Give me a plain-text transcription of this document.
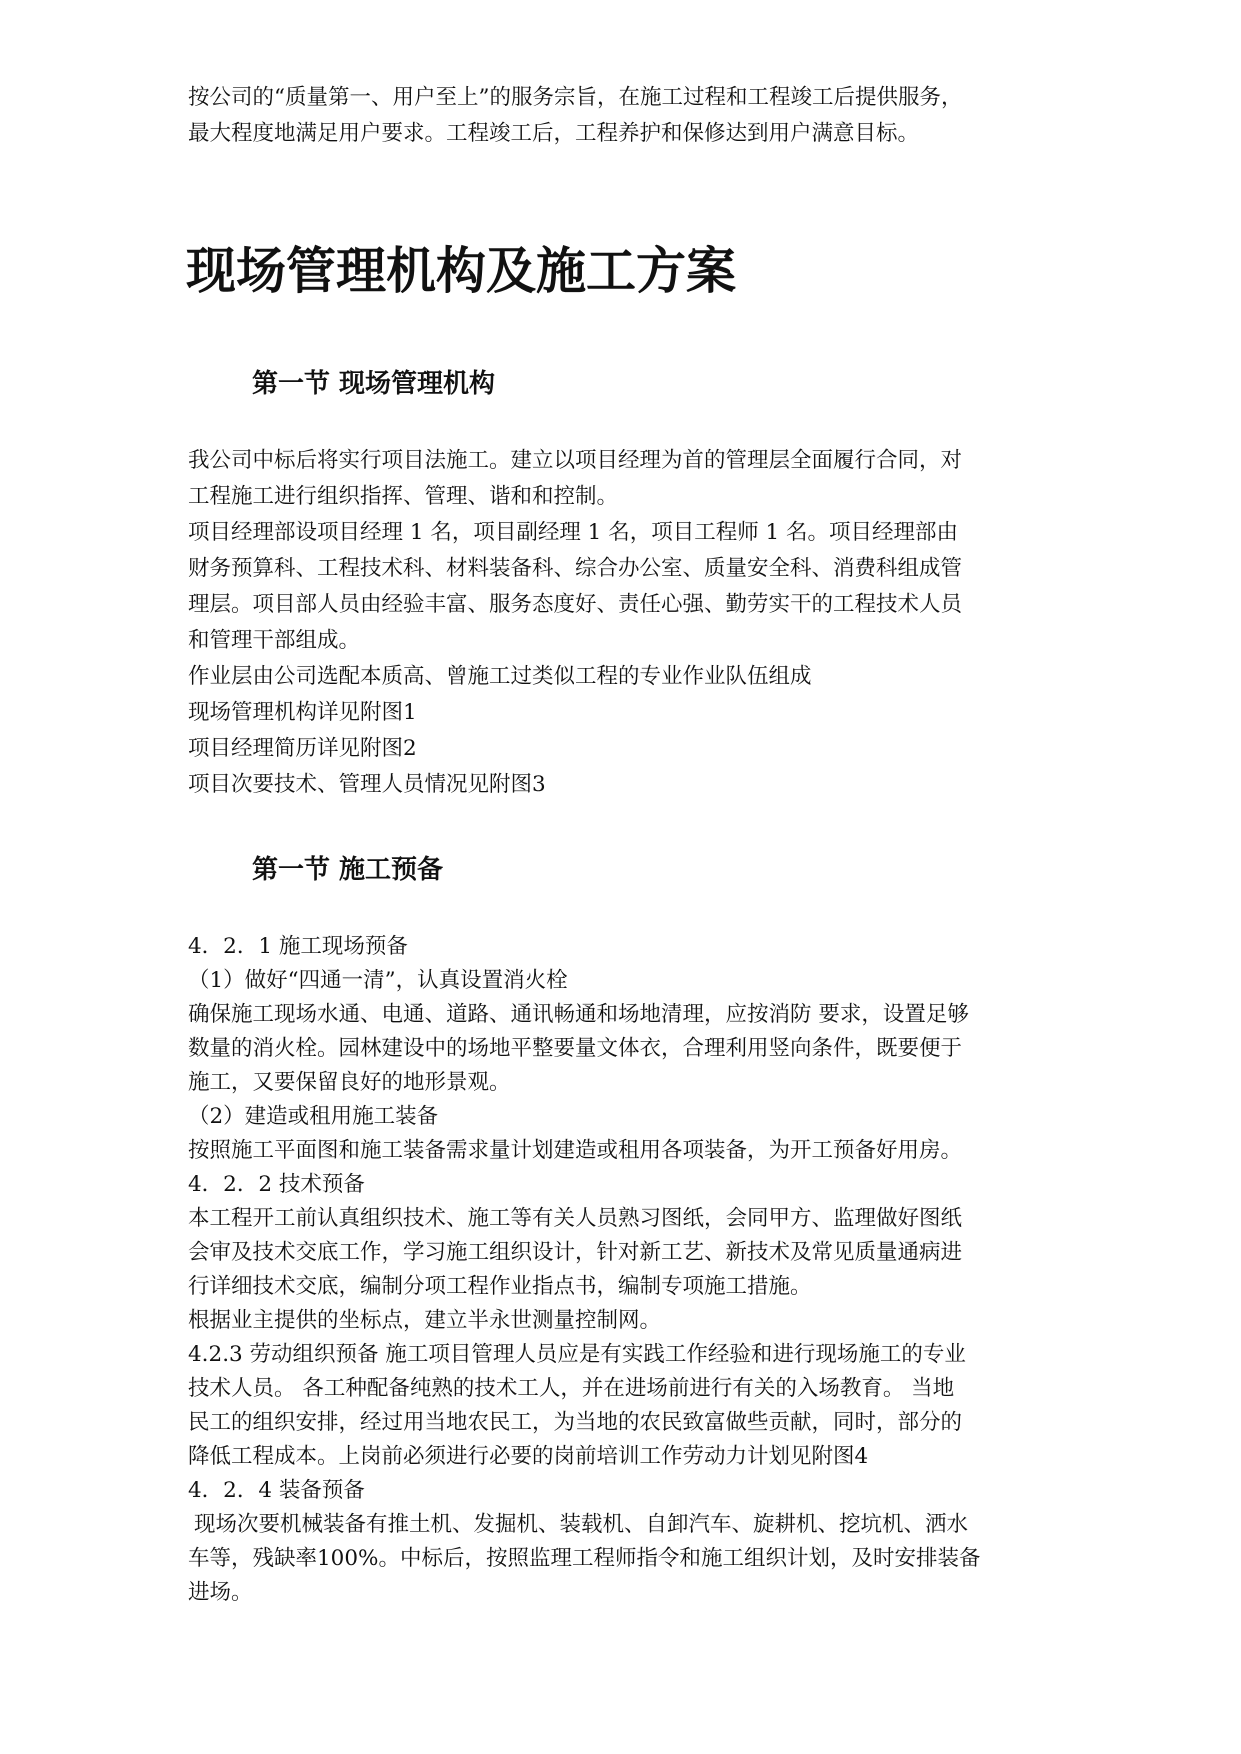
按公司的“质量第一、用户至上”的服务宗旨，在施工过程和工程竣工后提供服务，

最大程度地满足用户要求。工程竣工后，工程养护和保修达到用户满意目标。

现场管理机构及施工方案
第一节 现场管理机构

我公司中标后将实行项目法施工。建立以项目经理为首的管理层全面履行合同，对

工程施工进行组织指挥、管理、谐和和控制。

项目经理部设项目经理 1 名，项目副经理 1 名，项目工程师 1 名。项目经理部由

财务预算科、工程技术科、材料装备科、综合办公室、质量安全科、消费科组成管

理层。项目部人员由经验丰富、服务态度好、责任心强、勤劳实干的工程技术人员

和管理干部组成。

作业层由公司选配本质高、曾施工过类似工程的专业作业队伍组成

现场管理机构详见附图1

项目经理简历详见附图2

项目次要技术、管理人员情况见附图3

第一节 施工预备

4．2．1 施工现场预备

（1）做好“四通一清”，认真设置消火栓

确保施工现场水通、电通、道路、通讯畅通和场地清理，应按消防 要求，设置足够

数量的消火栓。园林建设中的场地平整要量文体衣，合理利用竖向条件，既要便于

施工，又要保留良好的地形景观。

（2）建造或租用施工装备

按照施工平面图和施工装备需求量计划建造或租用各项装备，为开工预备好用房。

4．2．2 技术预备

本工程开工前认真组织技术、施工等有关人员熟习图纸，会同甲方、监理做好图纸

会审及技术交底工作，学习施工组织设计，针对新工艺、新技术及常见质量通病进

行详细技术交底，编制分项工程作业指点书，编制专项施工措施。

根据业主提供的坐标点，建立半永世测量控制网。

4.2.3 劳动组织预备 施工项目管理人员应是有实践工作经验和进行现场施工的专业

技术人员。 各工种配备纯熟的技术工人，并在进场前进行有关的入场教育。 当地

民工的组织安排，经过用当地农民工，为当地的农民致富做些贡献，同时，部分的

降低工程成本。上岗前必须进行必要的岗前培训工作劳动力计划见附图4

4．2．4 装备预备

现场次要机械装备有推土机、发掘机、装载机、自卸汽车、旋耕机、挖坑机、洒水

车等，残缺率100%。中标后，按照监理工程师指令和施工组织计划，及时安排装备

进场。
